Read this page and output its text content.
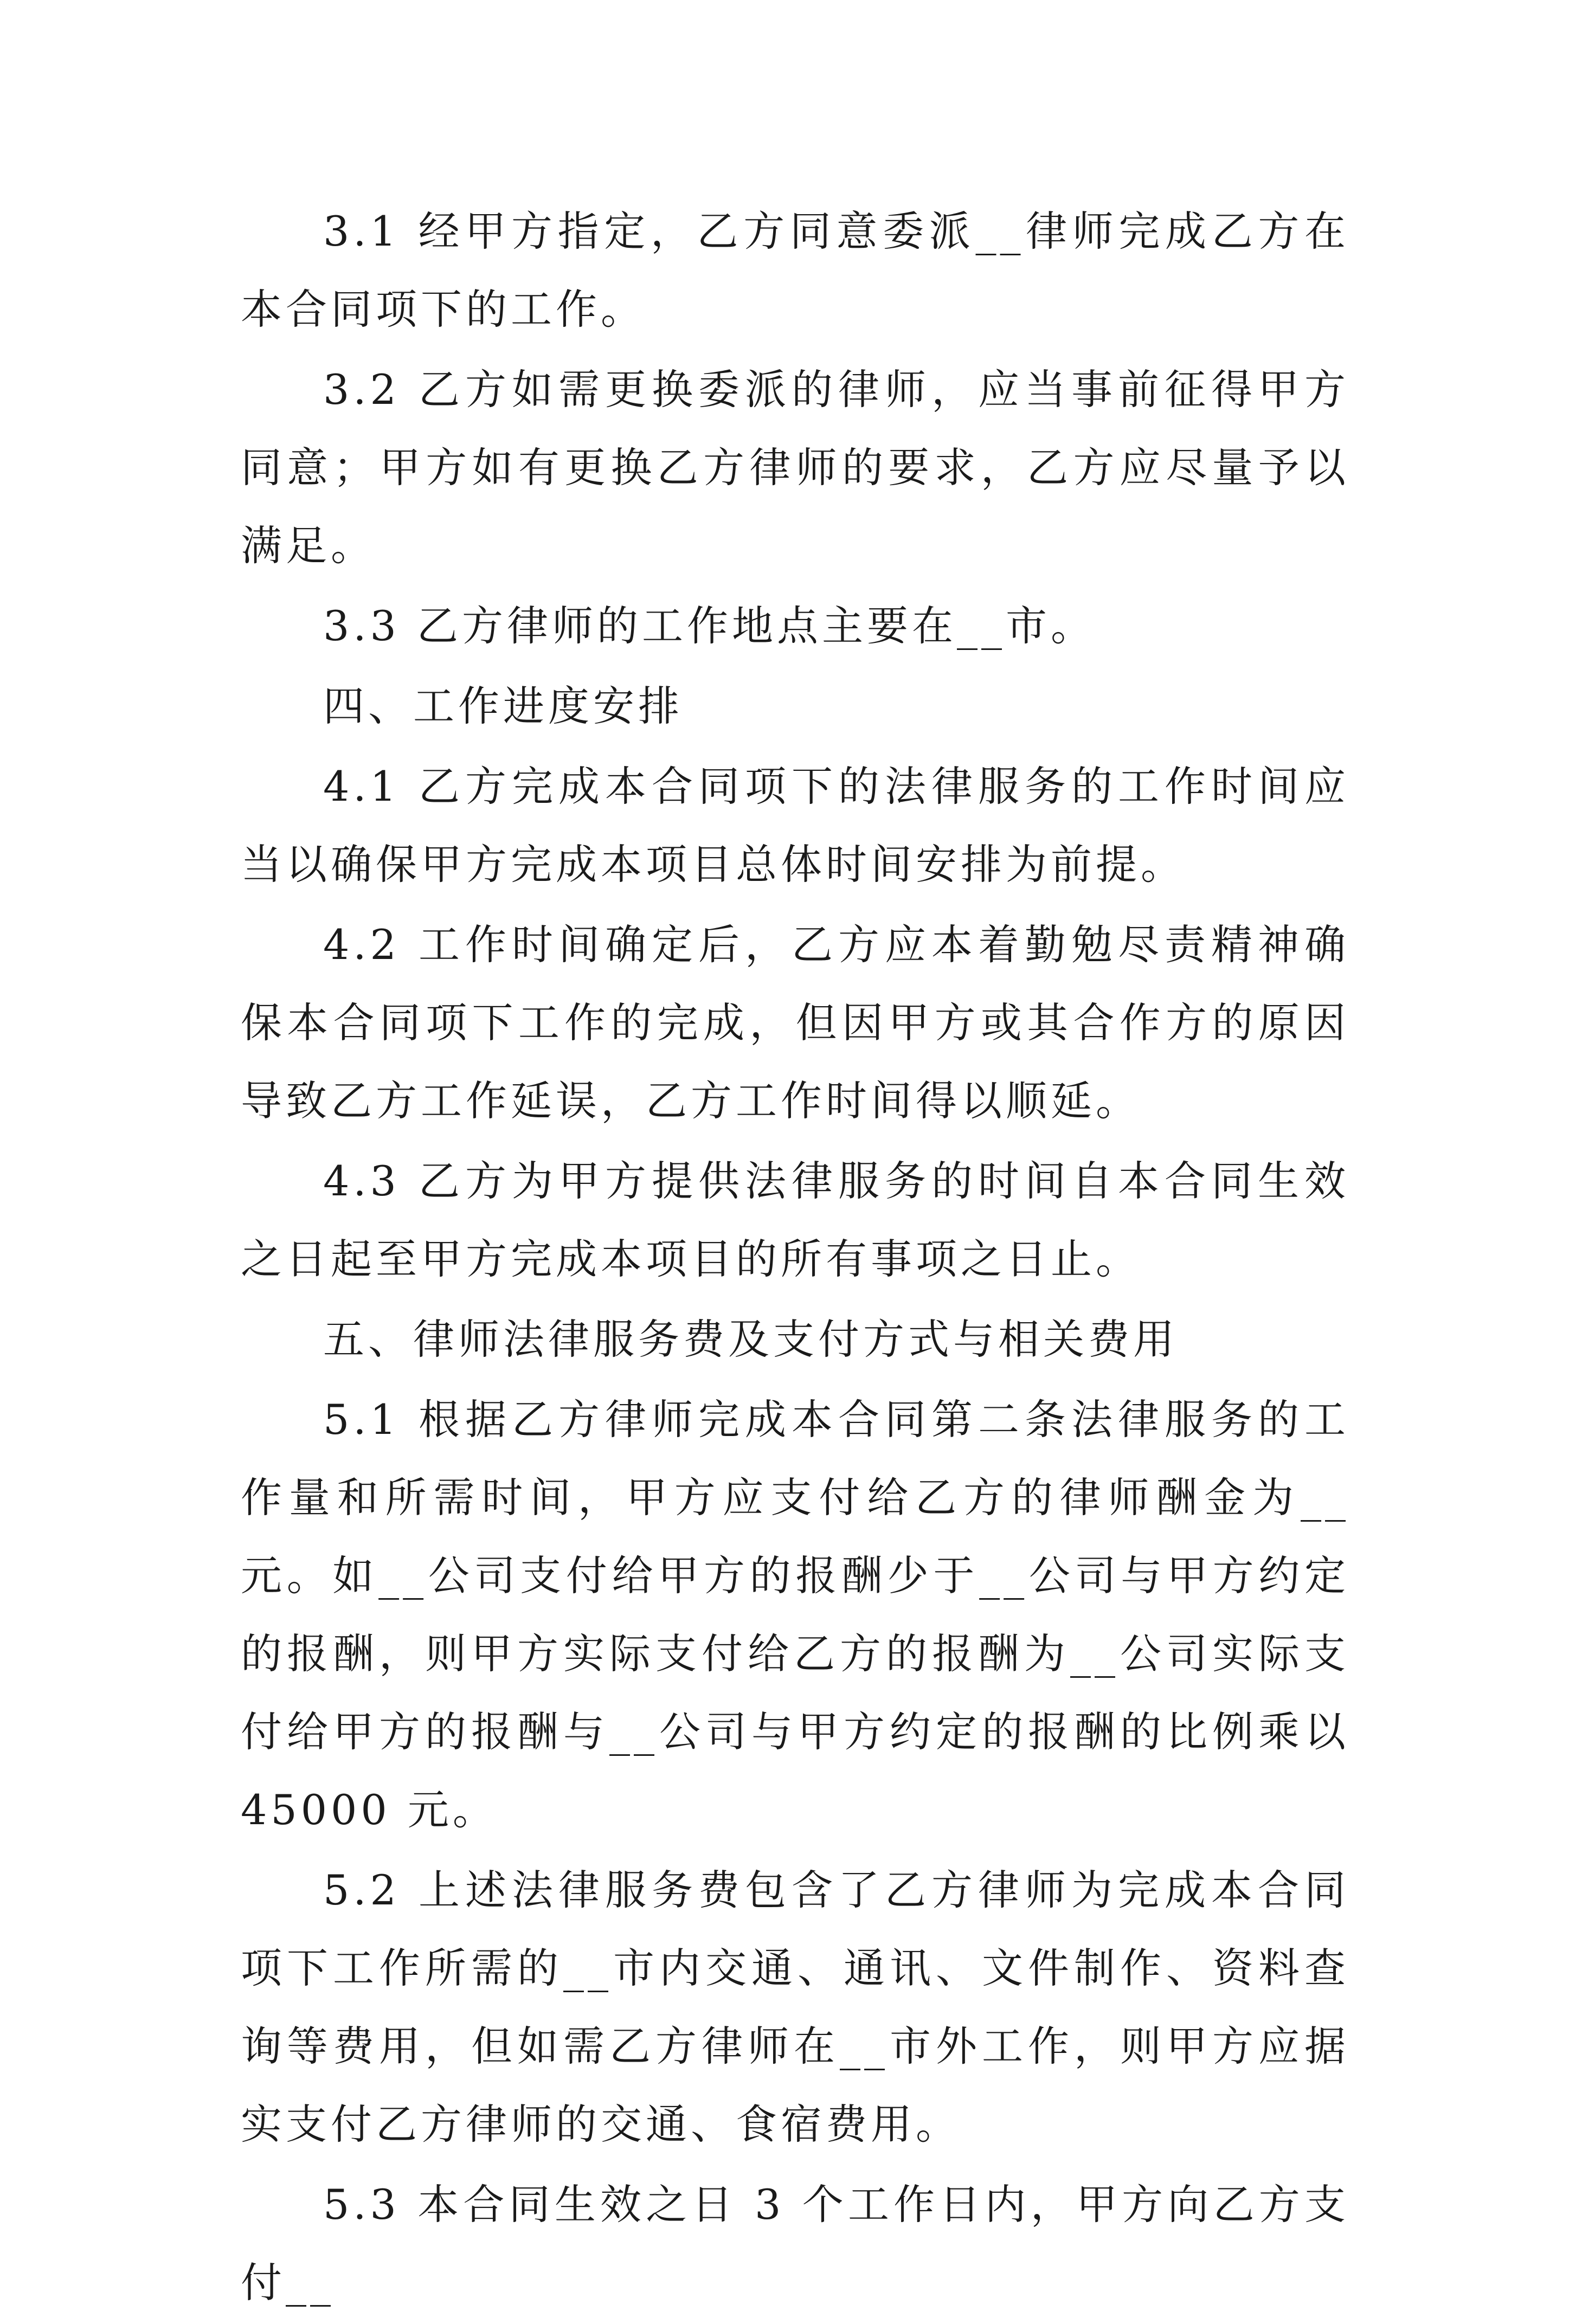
3.1 经甲方指定，乙方同意委派__律师完成乙方在本合同项下的工作。

3.2 乙方如需更换委派的律师，应当事前征得甲方同意；甲方如有更换乙方律师的要求，乙方应尽量予以满足。

3.3 乙方律师的工作地点主要在__市。

四、工作进度安排

4.1 乙方完成本合同项下的法律服务的工作时间应当以确保甲方完成本项目总体时间安排为前提。

4.2 工作时间确定后，乙方应本着勤勉尽责精神确保本合同项下工作的完成，但因甲方或其合作方的原因导致乙方工作延误，乙方工作时间得以顺延。

4.3 乙方为甲方提供法律服务的时间自本合同生效之日起至甲方完成本项目的所有事项之日止。

五、律师法律服务费及支付方式与相关费用

5.1 根据乙方律师完成本合同第二条法律服务的工作量和所需时间，甲方应支付给乙方的律师酬金为__元。如__公司支付给甲方的报酬少于__公司与甲方约定的报酬，则甲方实际支付给乙方的报酬为__公司实际支付给甲方的报酬与__公司与甲方约定的报酬的比例乘以 45000 元。

5.2 上述法律服务费包含了乙方律师为完成本合同项下工作所需的__市内交通、通讯、文件制作、资料查询等费用，但如需乙方律师在__市外工作，则甲方应据实支付乙方律师的交通、食宿费用。

5.3 本合同生效之日 3 个工作日内，甲方向乙方支付__
